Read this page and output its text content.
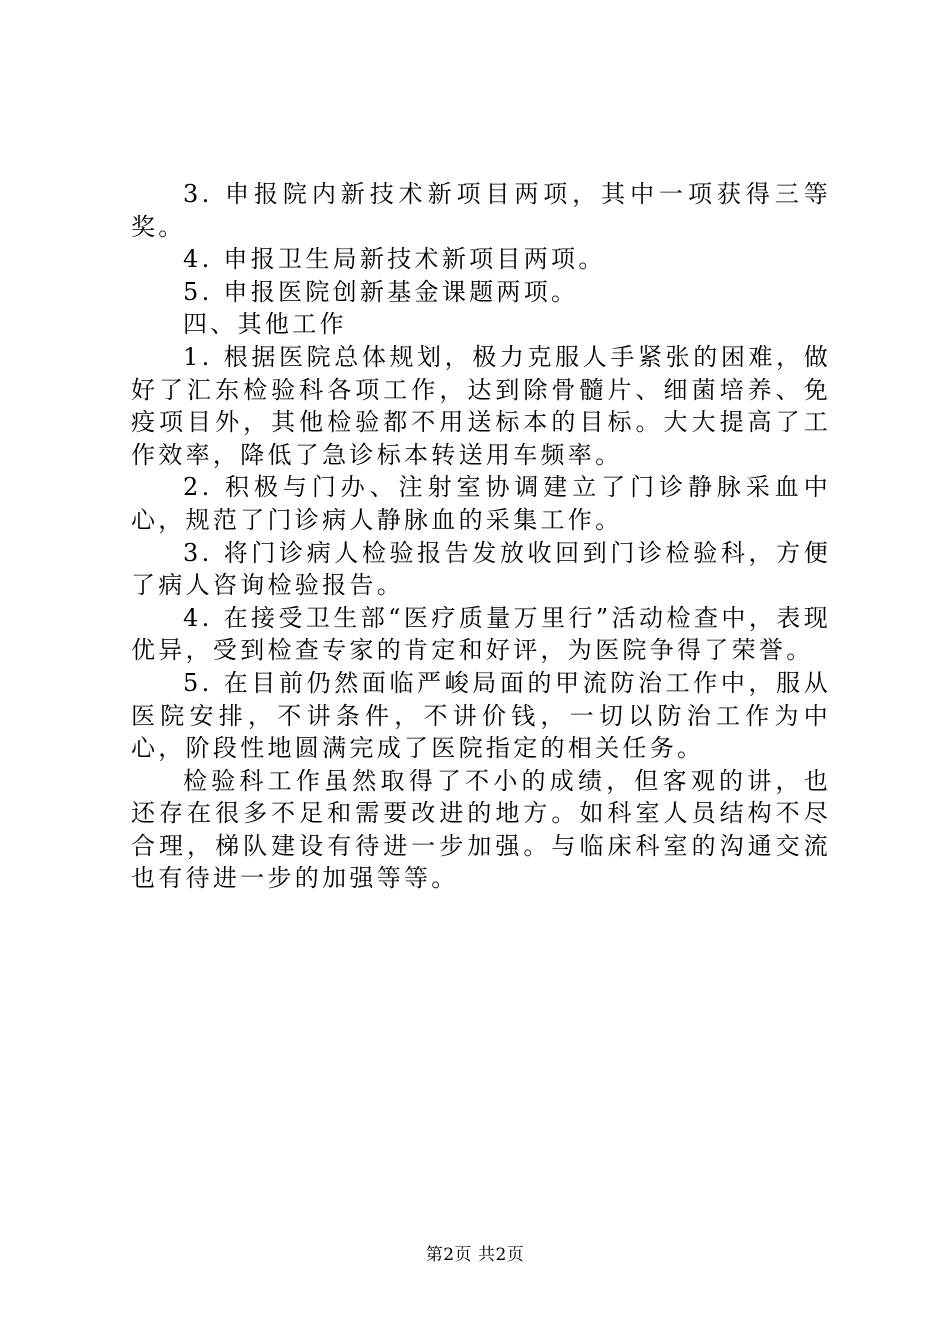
3. 申报院内新技术新项目两项，其中一项获得三等奖。

4. 申报卫生局新技术新项目两项。

5. 申报医院创新基金课题两项。

四、其他工作

1. 根据医院总体规划，极力克服人手紧张的困难，做好了汇东检验科各项工作，达到除骨髓片、细菌培养、免疫项目外，其他检验都不用送标本的目标。大大提高了工作效率，降低了急诊标本转送用车频率。

2. 积极与门办、注射室协调建立了门诊静脉采血中心，规范了门诊病人静脉血的采集工作。

3. 将门诊病人检验报告发放收回到门诊检验科，方便了病人咨询检验报告。

4. 在接受卫生部“医疗质量万里行”活动检查中，表现优异，受到检查专家的肯定和好评，为医院争得了荣誉。

5. 在目前仍然面临严峻局面的甲流防治工作中，服从医院安排，不讲条件，不讲价钱，一切以防治工作为中心，阶段性地圆满完成了医院指定的相关任务。

检验科工作虽然取得了不小的成绩，但客观的讲，也还存在很多不足和需要改进的地方。如科室人员结构不尽合理，梯队建设有待进一步加强。与临床科室的沟通交流也有待进一步的加强等等。

第2页 共2页
